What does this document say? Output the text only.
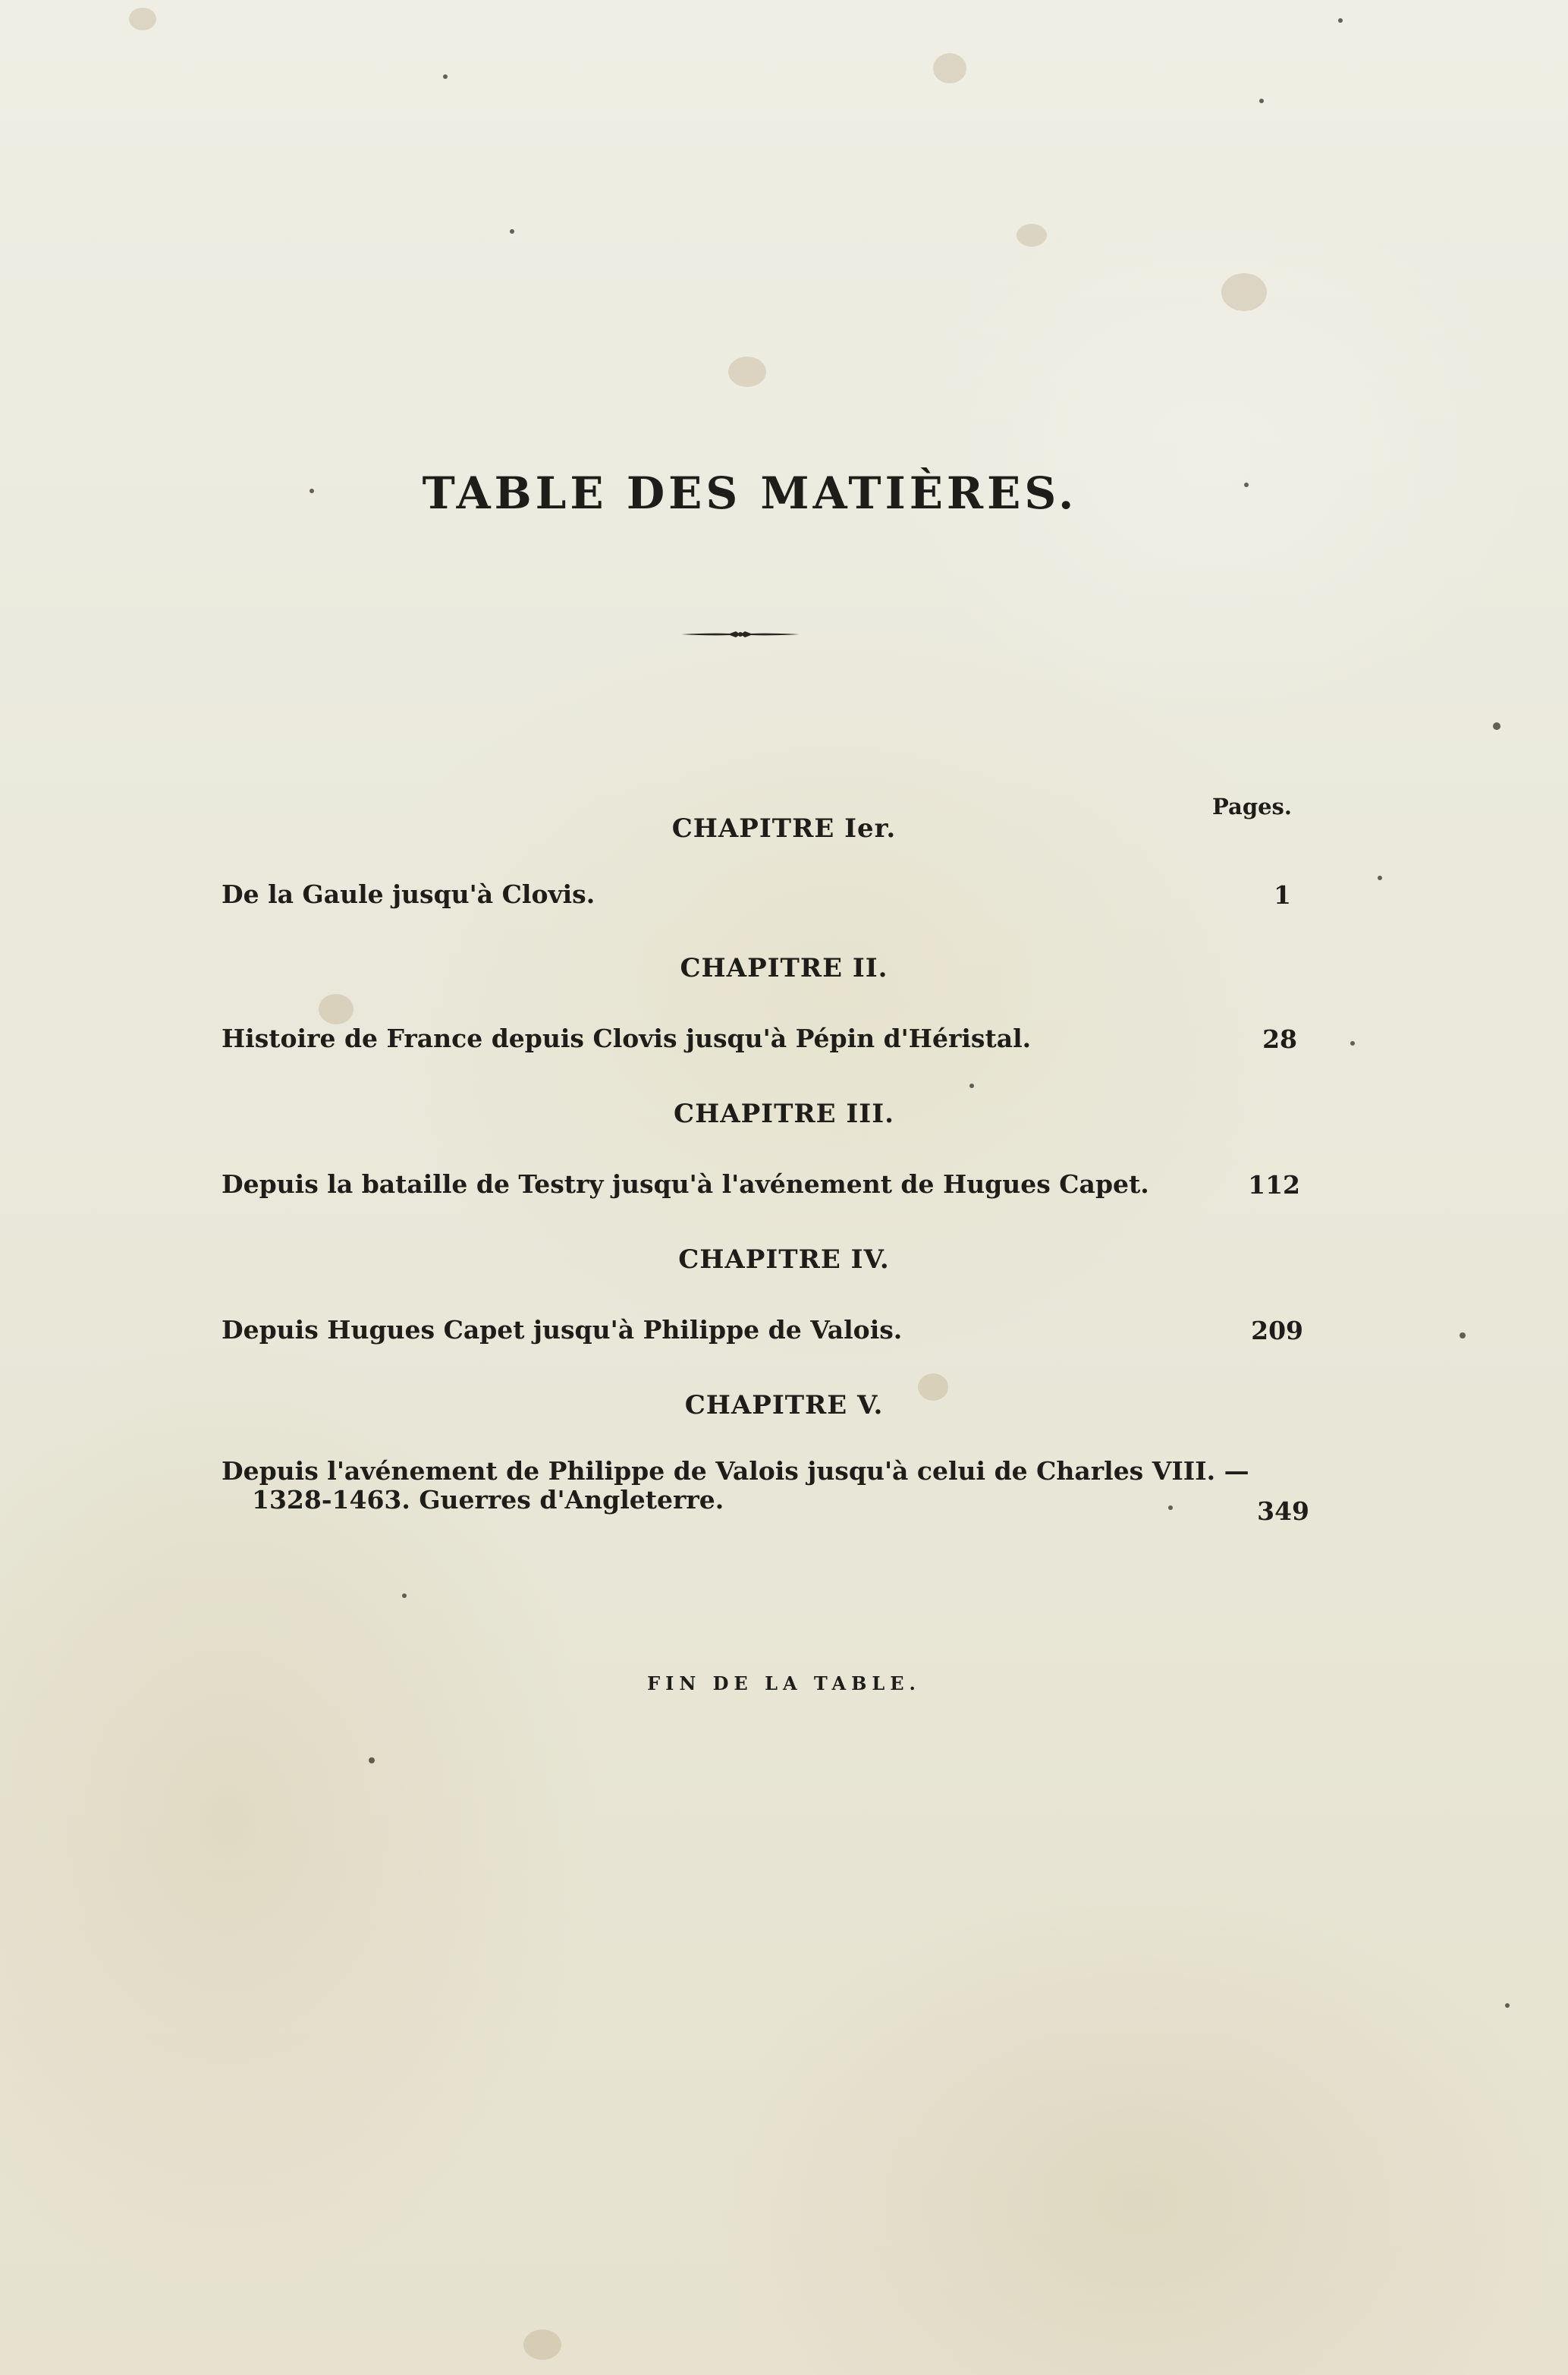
TABLE DES MATIÈRES.
Pages.
CHAPITRE Ier.
De la Gaule jusqu'à Clovis.	1
CHAPITRE II.
Histoire de France depuis Clovis jusqu'à Pépin d'Héristal.	28
CHAPITRE III.
Depuis la bataille de Testry jusqu'à l'avénement de Hugues Capet.	112
CHAPITRE IV.
Depuis Hugues Capet jusqu'à Philippe de Valois.	209
CHAPITRE V.
Depuis l'avénement de Philippe de Valois jusqu'à celui de Charles VIII. —
1328-1463. Guerres d'Angleterre.	349
FIN DE LA TABLE.
